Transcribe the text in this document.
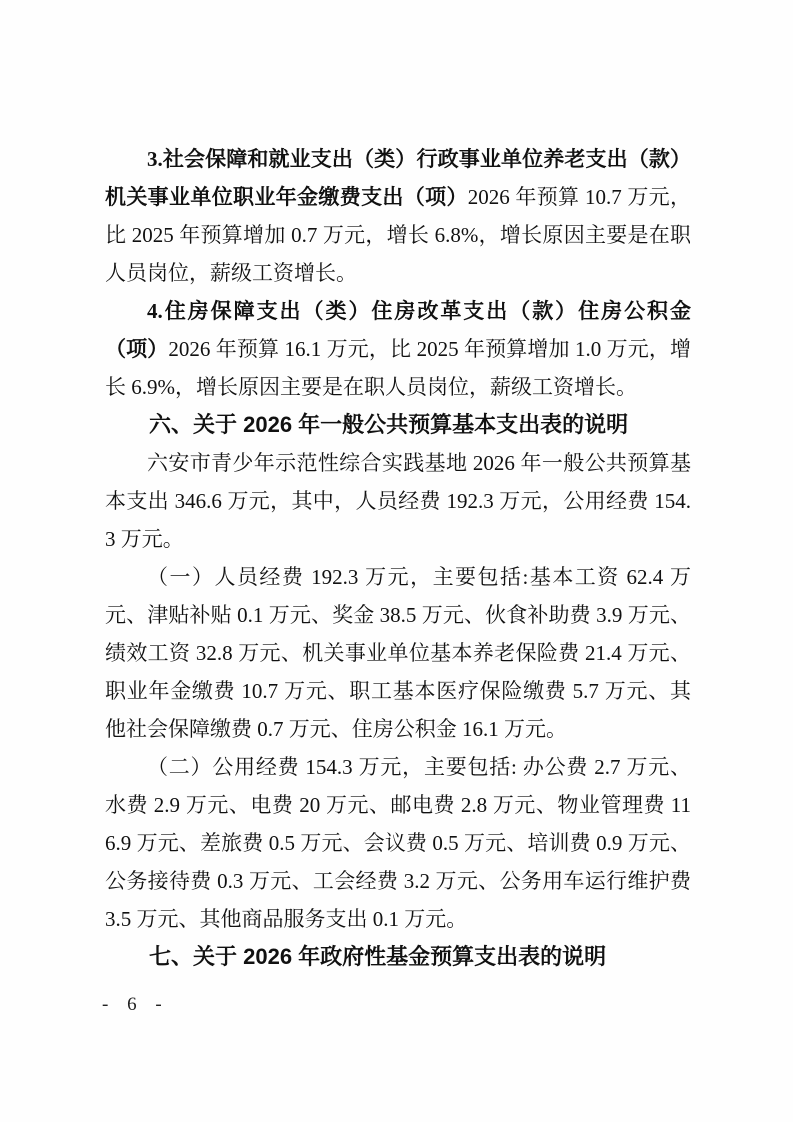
3.社会保障和就业支出（类）行政事业单位养老支出（款）机关事业单位职业年金缴费支出（项）2026 年预算 10.7 万元，比 2025 年预算增加 0.7 万元，增长 6.8%，增长原因主要是在职人员岗位，薪级工资增长。

4.住房保障支出（类）住房改革支出（款）住房公积金（项）2026 年预算 16.1 万元，比 2025 年预算增加 1.0 万元，增长 6.9%，增长原因主要是在职人员岗位，薪级工资增长。

六、关于 2026 年一般公共预算基本支出表的说明

六安市青少年示范性综合实践基地 2026 年一般公共预算基本支出 346.6 万元，其中，人员经费 192.3 万元，公用经费 154.3 万元。

（一）人员经费 192.3 万元，主要包括:基本工资 62.4 万元、津贴补贴 0.1 万元、奖金 38.5 万元、伙食补助费 3.9 万元、绩效工资 32.8 万元、机关事业单位基本养老保险费 21.4 万元、职业年金缴费 10.7 万元、职工基本医疗保险缴费 5.7 万元、其他社会保障缴费 0.7 万元、住房公积金 16.1 万元。

（二）公用经费 154.3 万元，主要包括: 办公费 2.7 万元、水费 2.9 万元、电费 20 万元、邮电费 2.8 万元、物业管理费 116.9 万元、差旅费 0.5 万元、会议费 0.5 万元、培训费 0.9 万元、公务接待费 0.3 万元、工会经费 3.2 万元、公务用车运行维护费 3.5 万元、其他商品服务支出 0.1 万元。

七、关于 2026 年政府性基金预算支出表的说明
- 6 -
